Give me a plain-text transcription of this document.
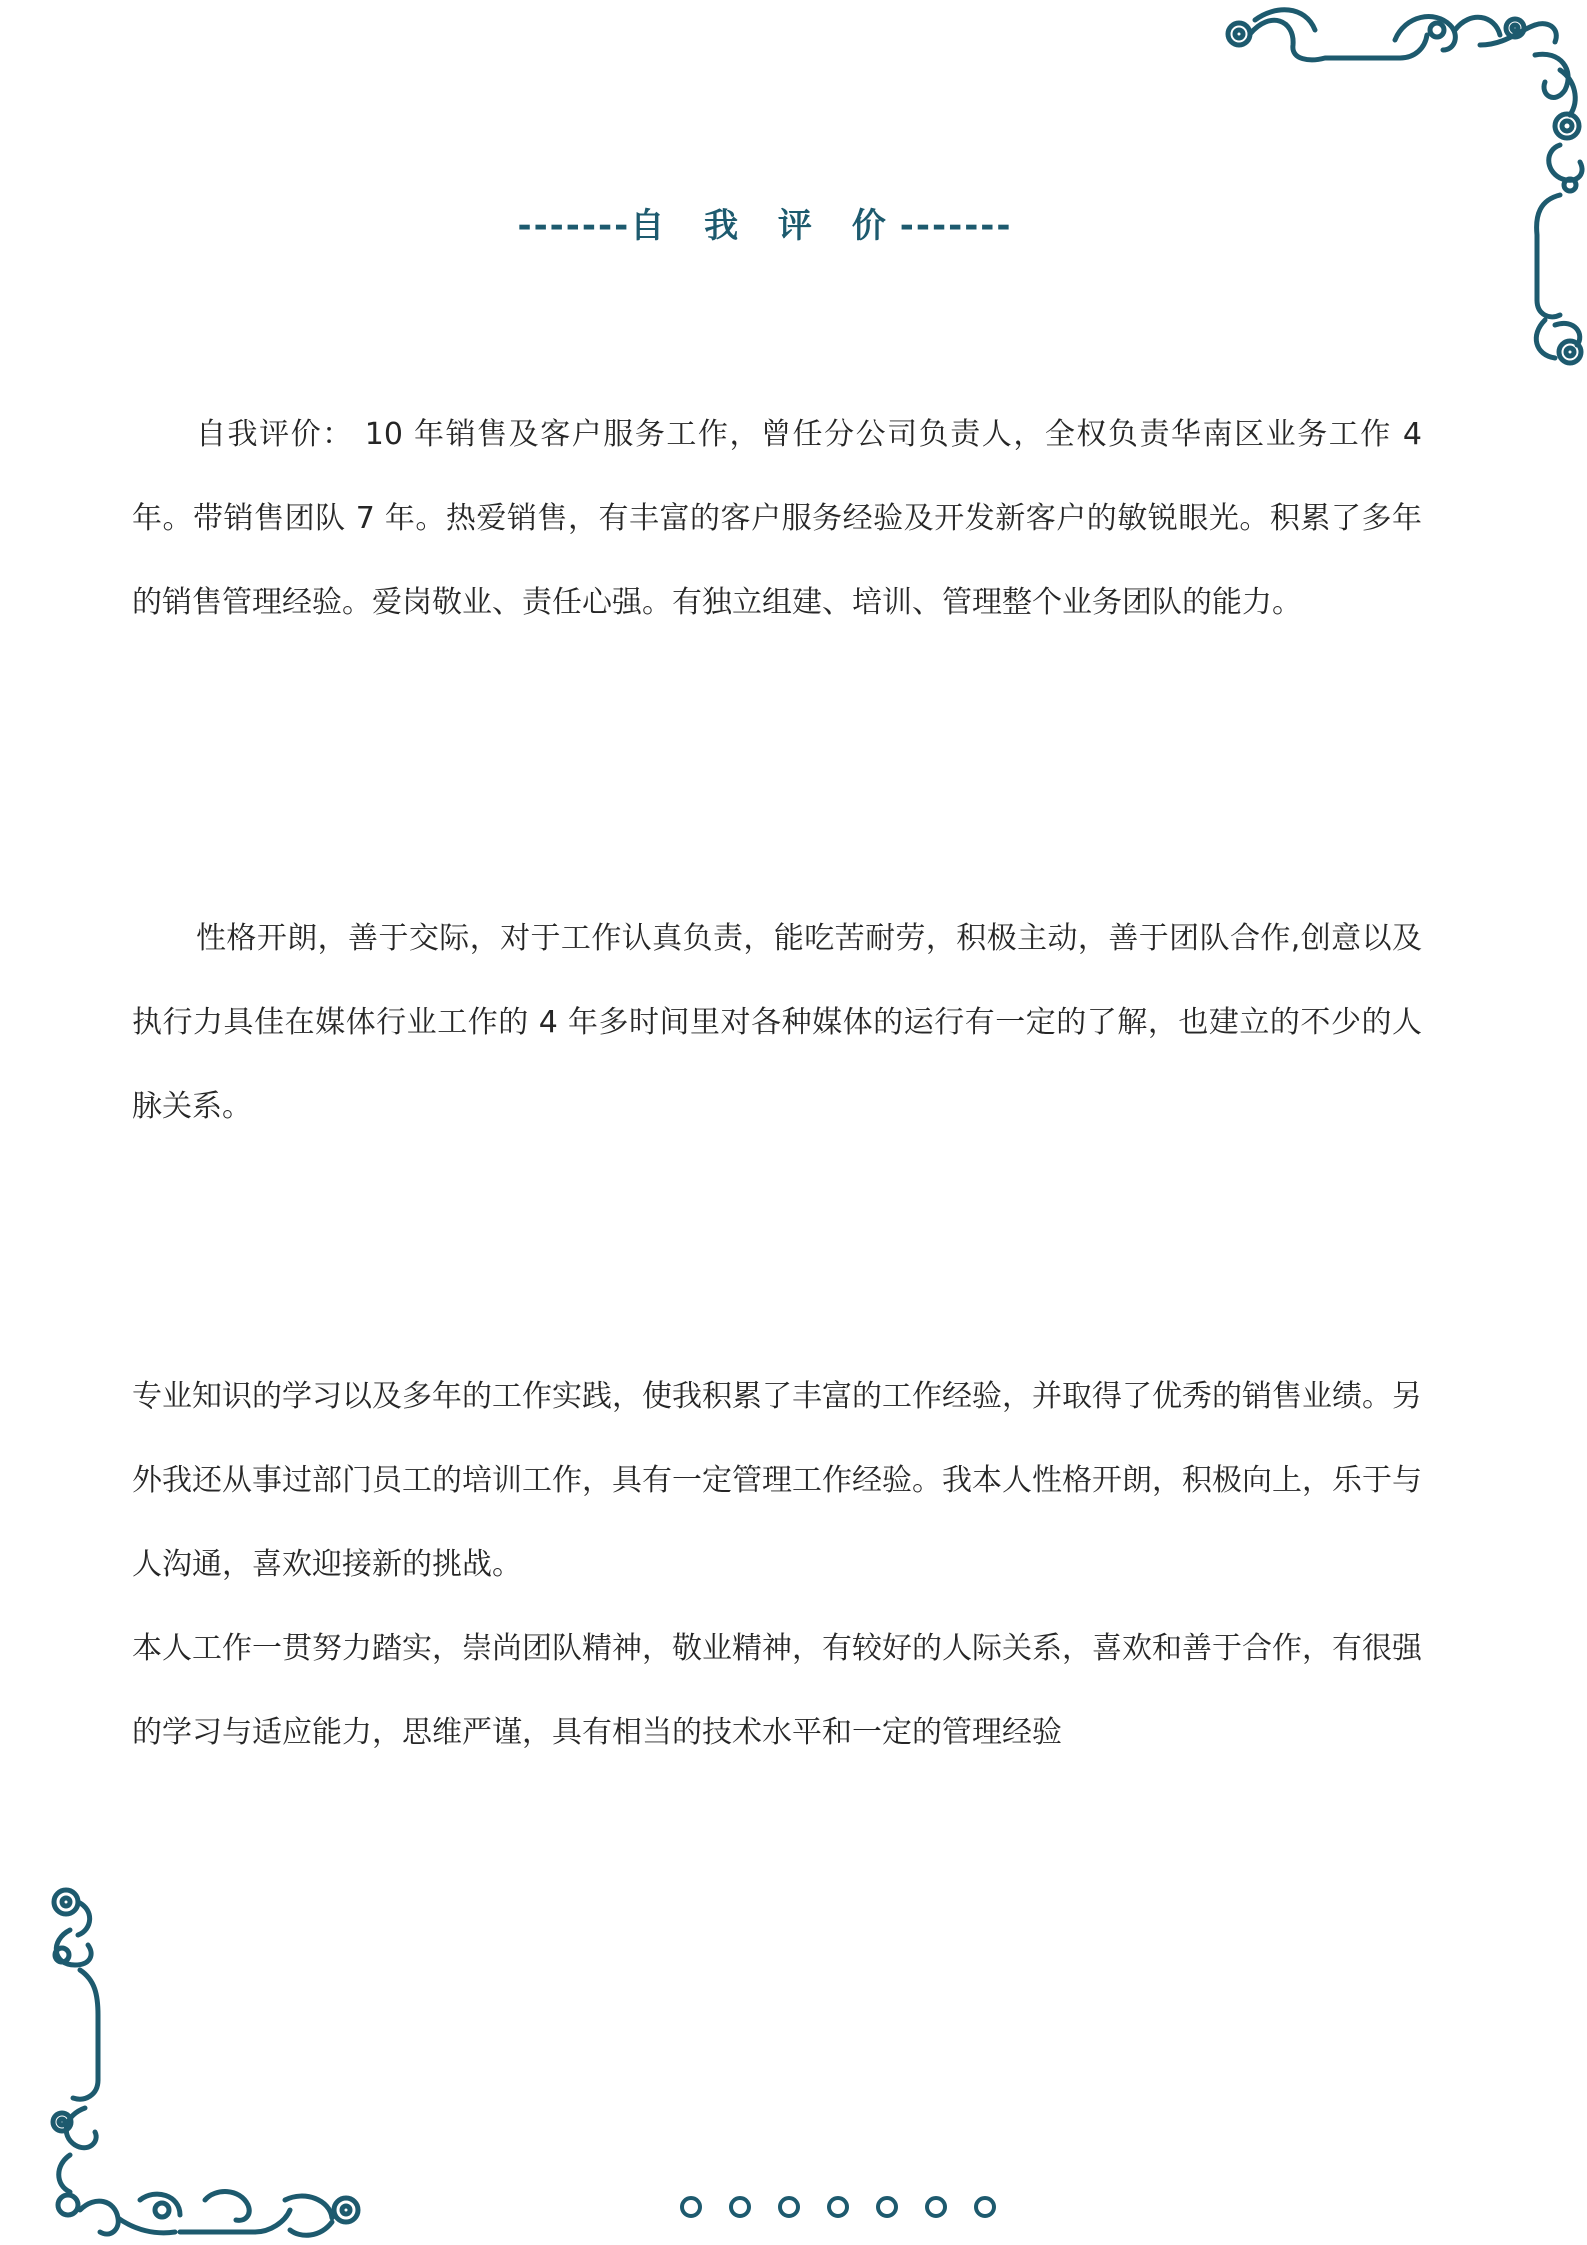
-------自 我 评 价-------

自我评价： 10 年销售及客户服务工作，曾任分公司负责人，全权负责华南区业务工作 4 年。带销售团队 7 年。热爱销售，有丰富的客户服务经验及开发新客户的敏锐眼光。积累了多年的销售管理经验。爱岗敬业、责任心强。有独立组建、培训、管理整个业务团队的能力。

性格开朗，善于交际，对于工作认真负责，能吃苦耐劳，积极主动，善于团队合作,创意以及执行力具佳在媒体行业工作的 4 年多时间里对各种媒体的运行有一定的了解，也建立的不少的人脉关系。

专业知识的学习以及多年的工作实践，使我积累了丰富的工作经验，并取得了优秀的销售业绩。另外我还从事过部门员工的培训工作，具有一定管理工作经验。我本人性格开朗，积极向上，乐于与人沟通，喜欢迎接新的挑战。

本人工作一贯努力踏实，崇尚团队精神，敬业精神，有较好的人际关系，喜欢和善于合作，有很强的学习与适应能力，思维严谨，具有相当的技术水平和一定的管理经验
